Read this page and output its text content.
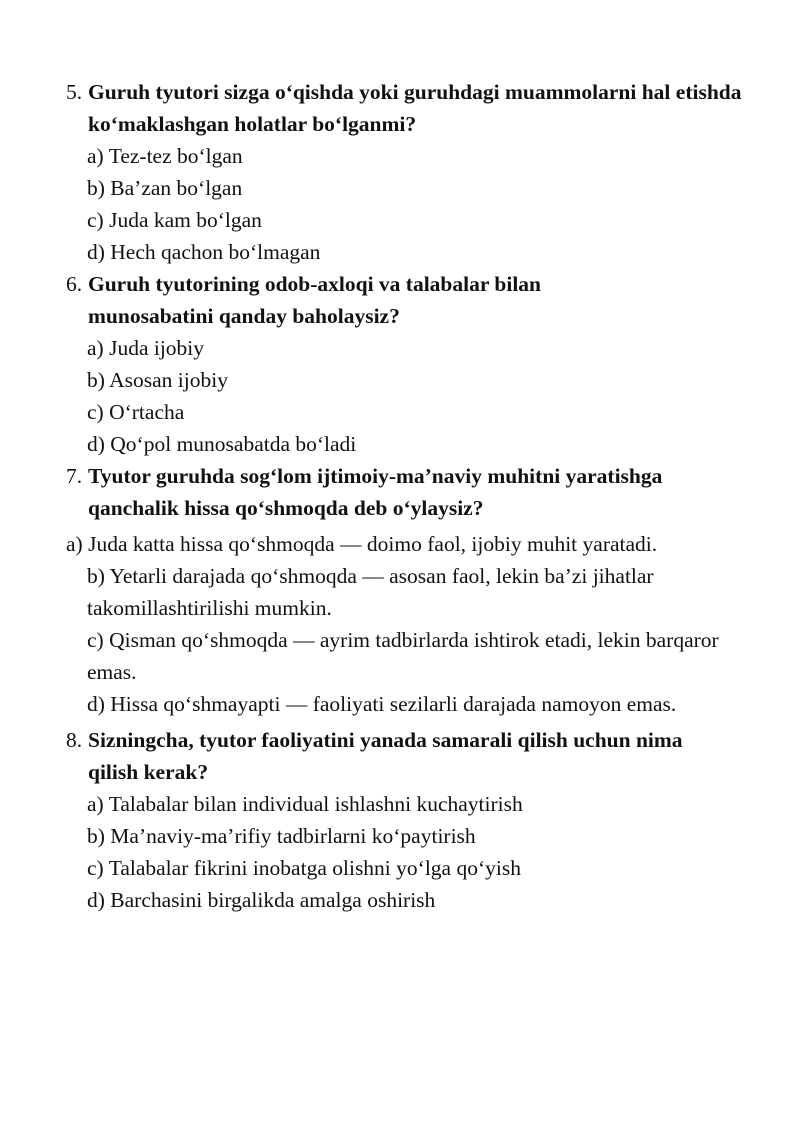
5. Guruh tyutori sizga o‘qishda yoki guruhdagi muammolarni hal etishda ko‘maklashgan holatlar bo‘lganmi?
a) Tez-tez bo‘lgan
b) Ba’zan bo‘lgan
c) Juda kam bo‘lgan
d) Hech qachon bo‘lmagan
6. Guruh tyutorining odob-axloqi va talabalar bilan munosabatini qanday baholaysiz?
a) Juda ijobiy
b) Asosan ijobiy
c) O‘rtacha
d) Qo‘pol munosabatda bo‘ladi
7. Tyutor guruhda sog‘lom ijtimoiy-ma’naviy muhitni yaratishga qanchalik hissa qo‘shmoqda deb o‘ylaysiz?
a) Juda katta hissa qo‘shmoqda — doimo faol, ijobiy muhit yaratadi.
b) Yetarli darajada qo‘shmoqda — asosan faol, lekin ba’zi jihatlar takomillashtirilishi mumkin.
c) Qisman qo‘shmoqda — ayrim tadbirlarda ishtirok etadi, lekin barqaror emas.
d) Hissa qo‘shmayapti — faoliyati sezilarli darajada namoyon emas.
8. Sizningcha, tyutor faoliyatini yanada samarali qilish uchun nima qilish kerak?
a) Talabalar bilan individual ishlashni kuchaytirish
b) Ma’naviy-ma’rifiy tadbirlarni ko‘paytirish
c) Talabalar fikrini inobatga olishni yo‘lga qo‘yish
d) Barchasini birgalikda amalga oshirish
